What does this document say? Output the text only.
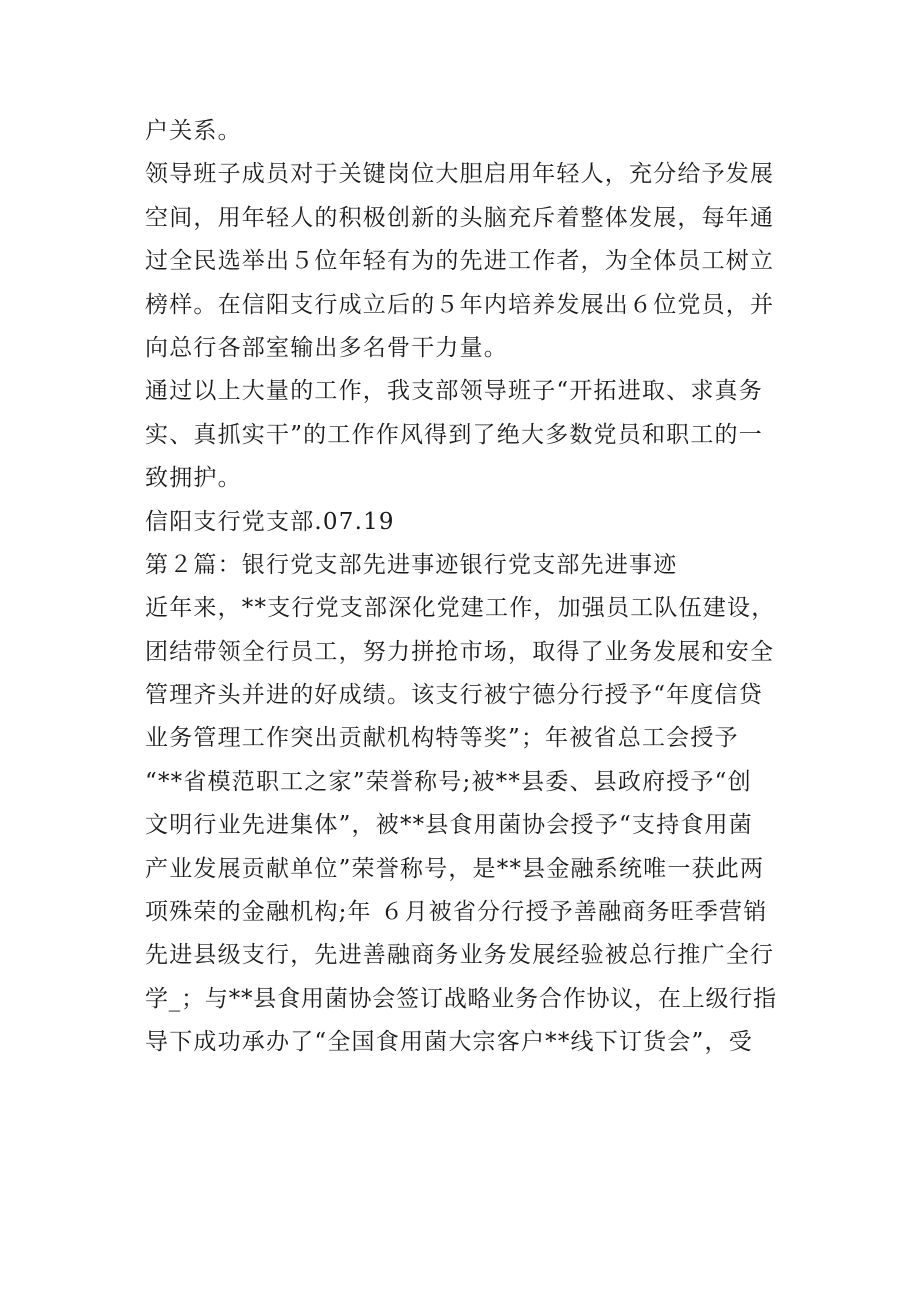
户关系。
领导班子成员对于关键岗位大胆启用年轻人，充分给予发展
空间，用年轻人的积极创新的头脑充斥着整体发展，每年通
过全民选举出５位年轻有为的先进工作者，为全体员工树立
榜样。在信阳支行成立后的５年内培养发展出６位党员，并
向总行各部室输出多名骨干力量。
通过以上大量的工作，我支部领导班子“开拓进取、求真务
实、真抓实干”的工作作风得到了绝大多数党员和职工的一
致拥护。
信阳支行党支部.07.19
第２篇：银行党支部先进事迹银行党支部先进事迹
近年来，**支行党支部深化党建工作，加强员工队伍建设，
团结带领全行员工，努力拼抢市场，取得了业务发展和安全
管理齐头并进的好成绩。该支行被宁德分行授予“年度信贷
业务管理工作突出贡献机构特等奖”；年被省总工会授予
“**省模范职工之家”荣誉称号;被**县委、县政府授予“创
文明行业先进集体”，被**县食用菌协会授予“支持食用菌
产业发展贡献单位”荣誉称号，是**县金融系统唯一获此两
项殊荣的金融机构;年 ６月被省分行授予善融商务旺季营销
先进县级支行，先进善融商务业务发展经验被总行推广全行
学_；与**县食用菌协会签订战略业务合作协议，在上级行指
导下成功承办了“全国食用菌大宗客户**线下订货会”，受
